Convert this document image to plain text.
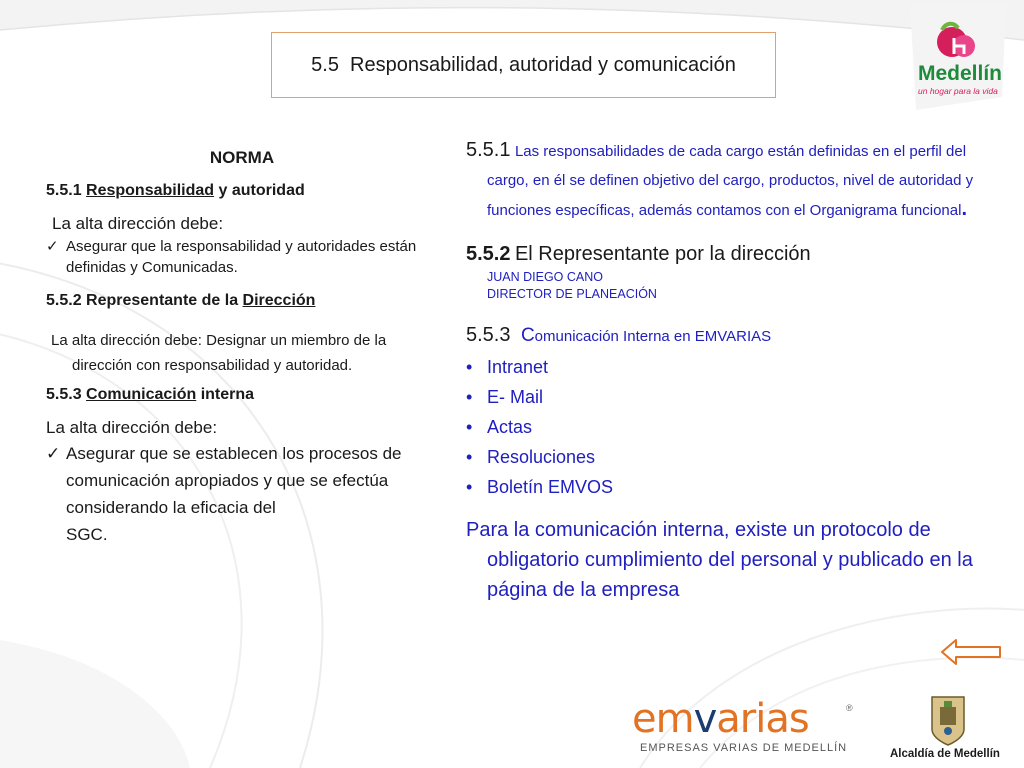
5.5  Responsabilidad, autoridad y comunicación	Medellín
un hogar para la vida
NORMA

5.5.1 Responsabilidad y autoridad

La alta dirección debe:
✓ Asegurar que la responsabilidad y autoridades están definidas y Comunicadas.

5.5.2 Representante de la Dirección

La alta dirección debe: Designar un miembro de la dirección con responsabilidad y autoridad.

5.5.3 Comunicación interna

La alta dirección debe:
✓ Asegurar que se establecen los procesos de comunicación apropiados y que se efectúa considerando la eficacia del
SGC.
5.5.1 Las responsabilidades de cada cargo están definidas en el perfil del cargo, en él se definen objetivo del cargo, productos, nivel de autoridad y funciones específicas, además contamos con el Organigrama funcional.
5.5.2 El Representante por la dirección
JUAN DIEGO CANO
DIRECTOR DE PLANEACIÓN
5.5.3 Comunicación Interna en EMVARIAS
• Intranet
• E- Mail
• Actas
• Resoluciones
• Boletín EMVOS
Para la comunicación interna, existe un protocolo de obligatorio cumplimiento del personal y publicado en la página de la empresa
emvarias	®
EMPRESAS VARIAS DE MEDELLÍN	Alcaldía de Medellín
